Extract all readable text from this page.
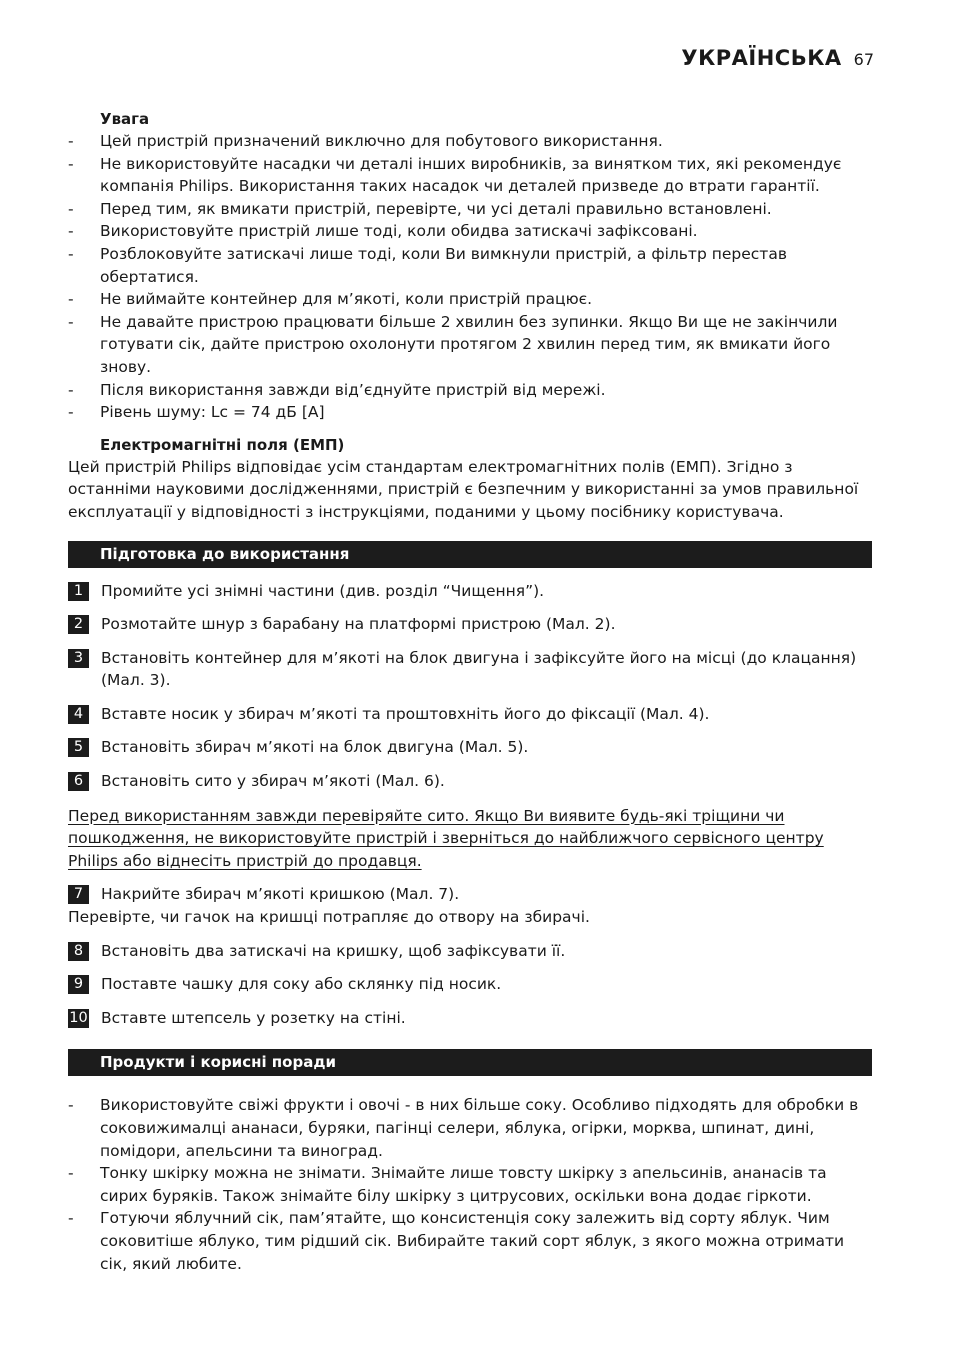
УКРАЇНСЬКА 67
Увага
- Цей пристрій призначений виключно для побутового використання.
- Не використовуйте насадки чи деталі інших виробників, за винятком тих, які рекомендує компанія Philips. Використання таких насадок чи деталей призведе до втрати гарантії.
- Перед тим, як вмикати пристрій, перевірте, чи усі деталі правильно встановлені.
- Використовуйте пристрій лише тоді, коли обидва затискачі зафіксовані.
- Розблоковуйте затискачі лише тоді, коли Ви вимкнули пристрій, а фільтр перестав обертатися.
- Не виймайте контейнер для м’якоті, коли пристрій працює.
- Не давайте пристрою працювати більше 2 хвилин без зупинки. Якщо Ви ще не закінчили готувати сік, дайте пристрою охолонути протягом 2 хвилин перед тим, як вмикати його знову.
- Після використання завжди від’єднуйте пристрій від мережі.
- Рівень шуму: Lc = 74 дБ [A]
Електромагнітні поля (ЕМП)

Цей пристрій Philips відповідає усім стандартам електромагнітних полів (ЕМП). Згідно з останніми науковими дослідженнями, пристрій є безпечним у використанні за умов правильної експлуатації у відповідності з інструкціями, поданими у цьому посібнику користувача.

Підготовка до використання
1	Промийте усі знімні частини (див. розділ “Чищення”).
2	Розмотайте шнур з барабану на платформі пристрою (Мал. 2).
3	Встановіть контейнер для м’якоті на блок двигуна і зафіксуйте його на місці (до клацання) (Мал. 3).
4	Вставте носик у збирач м’якоті та проштовхніть його до фіксації (Мал. 4).
5	Встановіть збирач м’якоті на блок двигуна (Мал. 5).
6	Встановіть сито у збирач м’якоті (Мал. 6).
Перед використанням завжди перевіряйте сито. Якщо Ви виявите будь-які тріщини чи пошкодження, не використовуйте пристрій і зверніться до найближчого сервісного центру Philips або віднесіть пристрій до продавця.
7	Накрийте збирач м’якоті кришкою (Мал. 7).

Перевірте, чи гачок на кришці потрапляє до отвору на збирачі.

8	Встановіть два затискачі на кришку, щоб зафіксувати її.
9	Поставте чашку для соку або склянку під носик.
10 Вставте штепсель у розетку на стіні.
Продукти і корисні поради
- Використовуйте свіжі фрукти і овочі - в них більше соку. Особливо підходять для обробки в соковижималці ананаси, буряки, пагінці селери, яблука, огірки, морква, шпинат, дині, помідори, апельсини та виноград.
- Тонку шкірку можна не знімати. Знімайте лише товсту шкірку з апельсинів, ананасів та сирих буряків. Також знімайте білу шкірку з цитрусових, оскільки вона додає гіркоти.
- Готуючи яблучний сік, пам’ятайте, що консистенція соку залежить від сорту яблук. Чим соковитіше яблуко, тим рідший сік. Вибирайте такий сорт яблук, з якого можна отримати сік, який любите.
